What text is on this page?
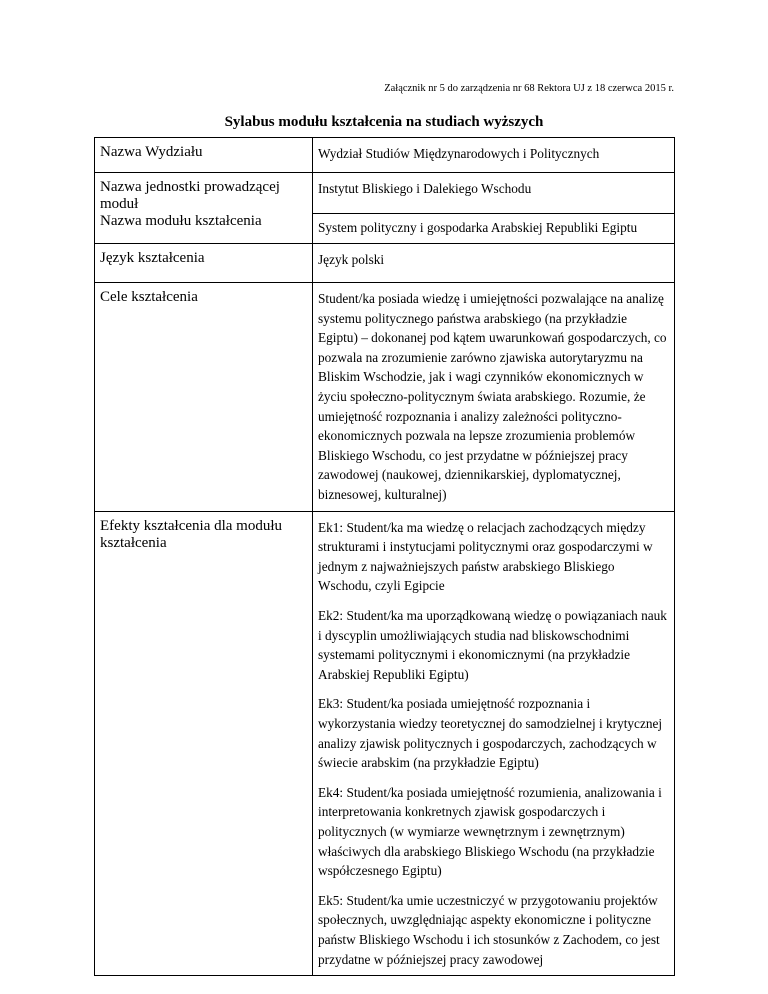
Załącznik nr 5 do zarządzenia nr 68 Rektora UJ z 18 czerwca 2015 r.
Sylabus modułu kształcenia na studiach wyższych
Nazwa Wydziału	Wydział Studiów Międzynarodowych i Politycznych
Nazwa jednostki prowadzącej moduł	Instytut Bliskiego i Dalekiego Wschodu
Nazwa modułu kształcenia	System polityczny i gospodarka Arabskiej Republiki Egiptu
Język kształcenia	Język polski
Cele kształcenia	Student/ka posiada wiedzę i umiejętności pozwalające na analizę systemu politycznego państwa arabskiego (na przykładzie Egiptu) – dokonanej pod kątem uwarunkowań gospodarczych, co pozwala na zrozumienie zarówno zjawiska autorytaryzmu na Bliskim Wschodzie, jak i wagi czynników ekonomicznych w życiu społeczno-politycznym świata arabskiego. Rozumie, że umiejętność rozpoznania i analizy zależności polityczno-ekonomicznych pozwala na lepsze zrozumienia problemów Bliskiego Wschodu, co jest przydatne w późniejszej pracy zawodowej (naukowej, dziennikarskiej, dyplomatycznej, biznesowej, kulturalnej)
Efekty kształcenia dla modułu kształcenia	Ek1: Student/ka ma wiedzę o relacjach zachodzących między strukturami i instytucjami politycznymi oraz gospodarczymi w jednym z najważniejszych państw arabskiego Bliskiego Wschodu, czyli Egipcie

Ek2: Student/ka ma uporządkowaną wiedzę o powiązaniach nauk i dyscyplin umożliwiających studia nad bliskowschodnimi systemami politycznymi i ekonomicznymi (na przykładzie Arabskiej Republiki Egiptu)

Ek3: Student/ka posiada umiejętność rozpoznania i wykorzystania wiedzy teoretycznej do samodzielnej i krytycznej analizy zjawisk politycznych i gospodarczych, zachodzących w świecie arabskim (na przykładzie Egiptu)

Ek4: Student/ka posiada umiejętność rozumienia, analizowania i interpretowania konkretnych zjawisk gospodarczych i politycznych (w wymiarze wewnętrznym i zewnętrznym) właściwych dla arabskiego Bliskiego Wschodu (na przykładzie współczesnego Egiptu)

Ek5: Student/ka umie uczestniczyć w przygotowaniu projektów społecznych, uwzględniając aspekty ekonomiczne i polityczne państw Bliskiego Wschodu i ich stosunków z Zachodem, co jest przydatne w późniejszej pracy zawodowej
